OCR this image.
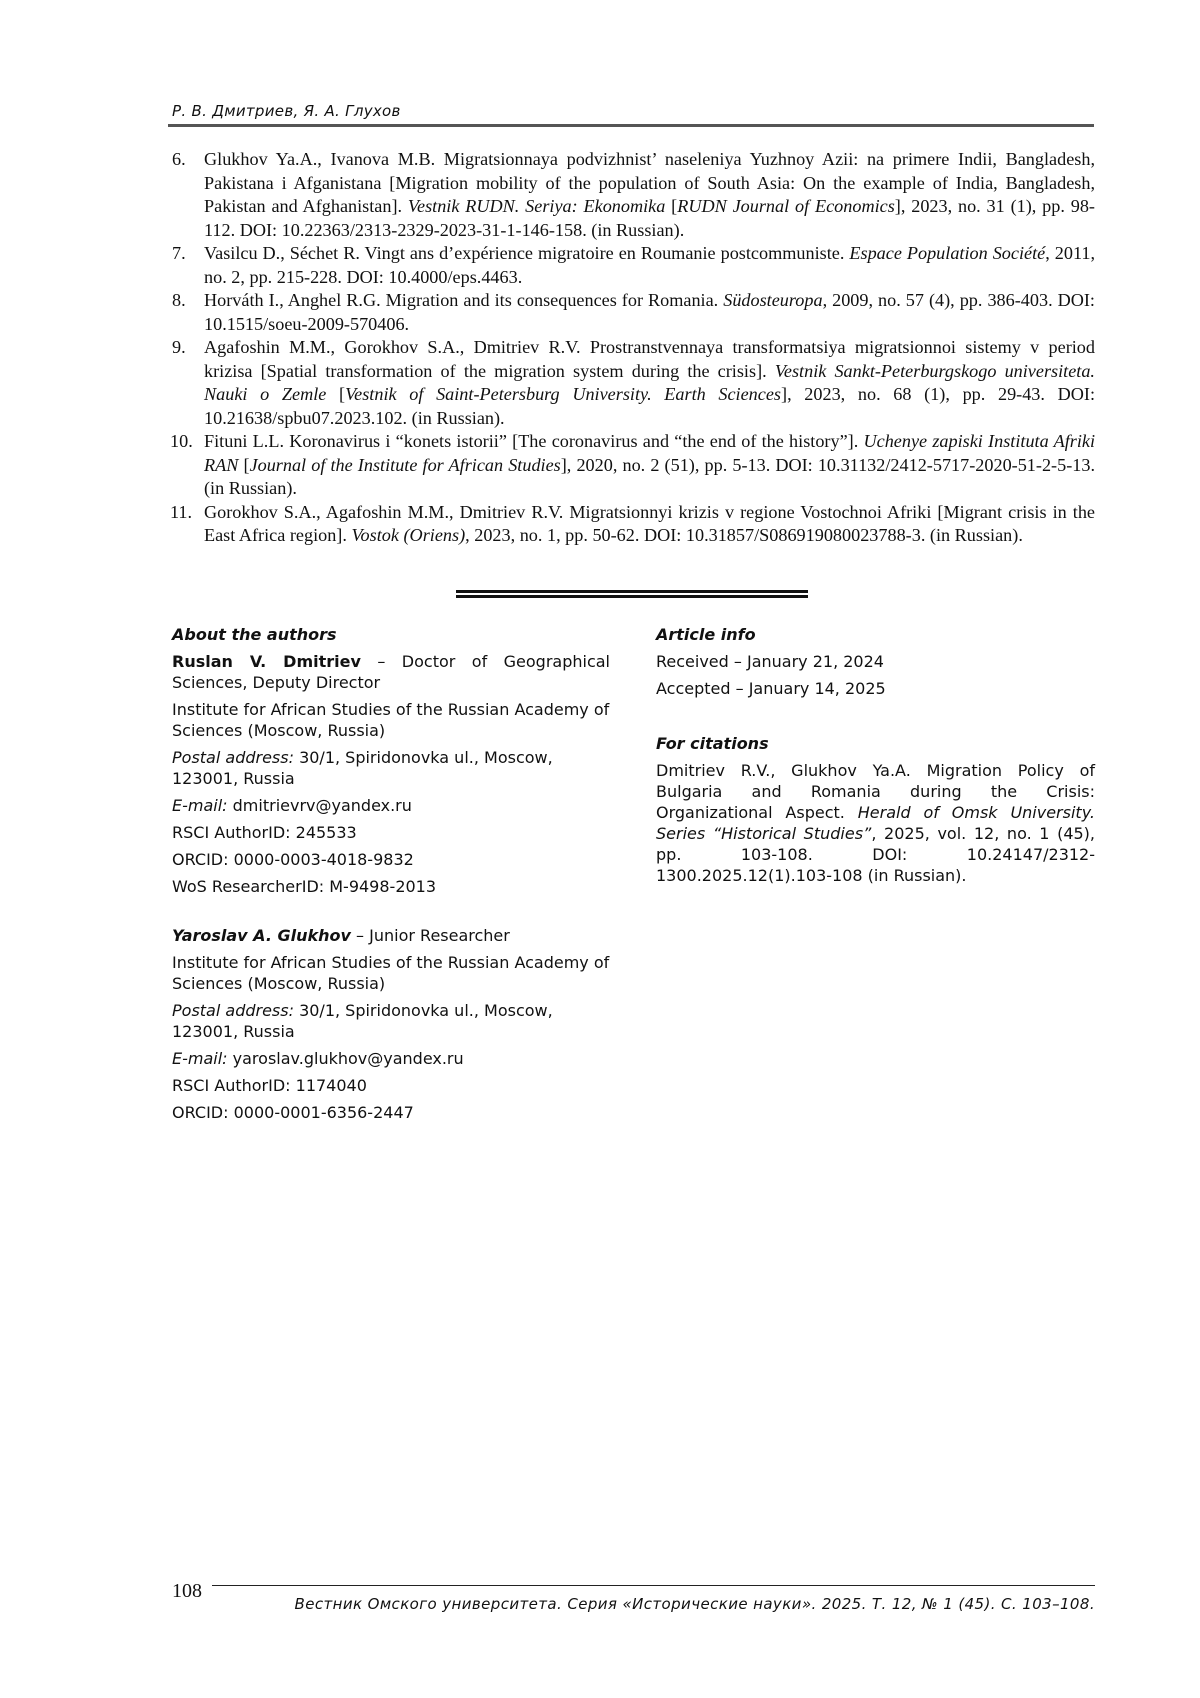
Р. В. Дмитриев, Я. А. Глухов
6. Glukhov Ya.A., Ivanova M.B. Migratsionnaya podvizhnist’ naseleniya Yuzhnoy Azii: na primere Indii, Bangladesh, Pakistana i Afganistana [Migration mobility of the population of South Asia: On the example of India, Bangladesh, Pakistan and Afghanistan]. Vestnik RUDN. Seriya: Ekonomika [RUDN Journal of Economics], 2023, no. 31 (1), pp. 98-112. DOI: 10.22363/2313-2329-2023-31-1-146-158. (in Russian).
7. Vasilcu D., Séchet R. Vingt ans d’expérience migratoire en Roumanie postcommuniste. Espace Population Société, 2011, no. 2, pp. 215-228. DOI: 10.4000/eps.4463.
8. Horváth I., Anghel R.G. Migration and its consequences for Romania. Südosteuropa, 2009, no. 57 (4), pp. 386-403. DOI: 10.1515/soeu-2009-570406.
9. Agafoshin M.M., Gorokhov S.A., Dmitriev R.V. Prostranstvennaya transformatsiya migratsionnoi sistemy v period krizisa [Spatial transformation of the migration system during the crisis]. Vestnik Sankt-Peterburgskogo universiteta. Nauki o Zemle [Vestnik of Saint-Petersburg University. Earth Sciences], 2023, no. 68 (1), pp. 29-43. DOI: 10.21638/spbu07.2023.102. (in Russian).
10. Fituni L.L. Koronavirus i “konets istorii” [The coronavirus and “the end of the history”]. Uchenye zapiski Instituta Afriki RAN [Journal of the Institute for African Studies], 2020, no. 2 (51), pp. 5-13. DOI: 10.31132/2412-5717-2020-51-2-5-13. (in Russian).
11. Gorokhov S.A., Agafoshin M.M., Dmitriev R.V. Migratsionnyi krizis v regione Vostochnoi Afriki [Migrant crisis in the East Africa region]. Vostok (Oriens), 2023, no. 1, pp. 50-62. DOI: 10.31857/S086919080023788-3. (in Russian).
About the authors
Ruslan V. Dmitriev – Doctor of Geographical Sciences, Deputy Director
Institute for African Studies of the Russian Academy of Sciences (Moscow, Russia)
Postal address: 30/1, Spiridonovka ul., Moscow, 123001, Russia
E-mail: dmitrievrv@yandex.ru
RSCI AuthorID: 245533
ORCID: 0000-0003-4018-9832
WoS ResearcherID: M-9498-2013
Yaroslav A. Glukhov – Junior Researcher
Institute for African Studies of the Russian Academy of Sciences (Moscow, Russia)
Postal address: 30/1, Spiridonovka ul., Moscow, 123001, Russia
E-mail: yaroslav.glukhov@yandex.ru
RSCI AuthorID: 1174040
ORCID: 0000-0001-6356-2447
Article info
Received – January 21, 2024
Accepted – January 14, 2025
For citations
Dmitriev R.V., Glukhov Ya.A. Migration Policy of Bulgaria and Romania during the Crisis: Organizational Aspect. Herald of Omsk University. Series “Historical Studies”, 2025, vol. 12, no. 1 (45), pp. 103-108. DOI: 10.24147/2312-1300.2025.12(1).103-108 (in Russian).
108
Вестник Омского университета. Серия «Исторические науки». 2025. Т. 12, № 1 (45). С. 103–108.
